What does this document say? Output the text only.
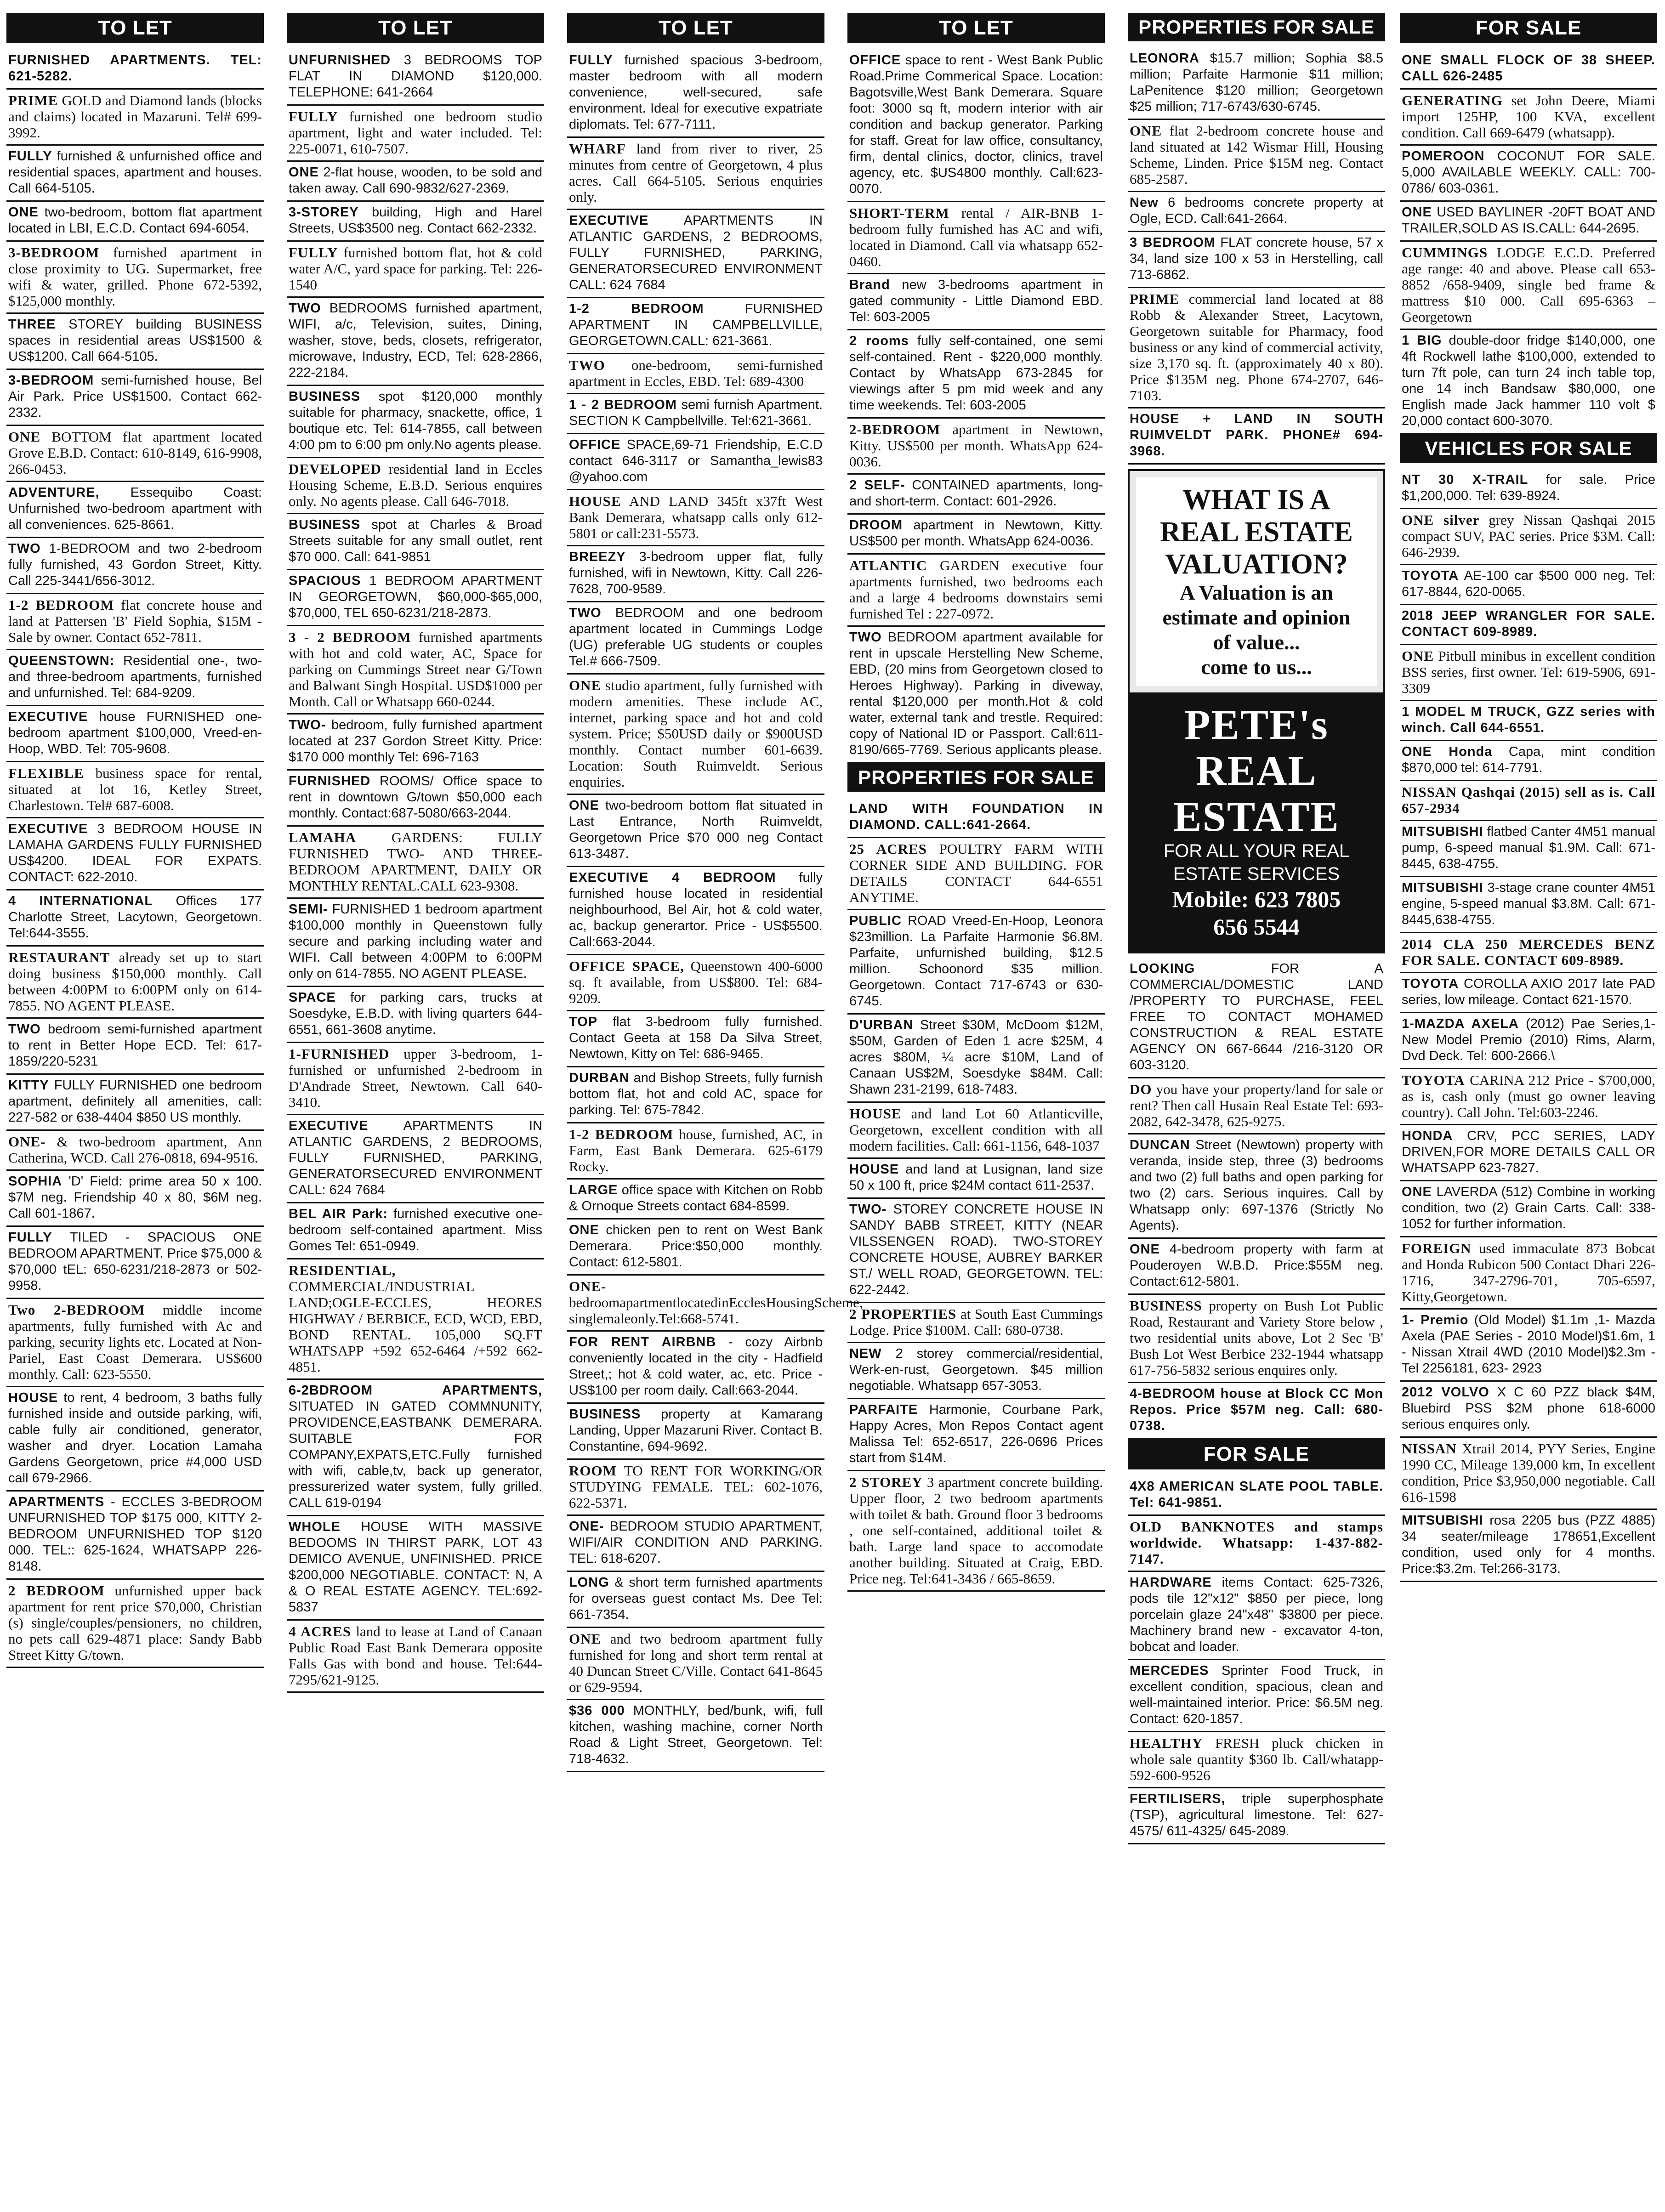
TO LET
FURNISHED APARTMENTS. TEL: 621-5282.
PRIME GOLD and Diamond lands (blocks and claims) located in Mazaruni. Tel# 699-3992.
FULLY furnished & unfurnished office and residential spaces, apartment and houses. Call 664-5105.
ONE two-bedroom, bottom flat apartment located in LBI, E.C.D. Contact 694-6054.
3-BEDROOM furnished apartment in close proximity to UG. Supermarket, free wifi & water, grilled. Phone 672-5392, $125,000 monthly.
THREE STOREY building BUSINESS spaces in residential areas US$1500 & US$1200. Call 664-5105.
3-BEDROOM semi-furnished house, Bel Air Park. Price US$1500. Contact 662-2332.
ONE BOTTOM flat apartment located Grove E.B.D. Contact: 610-8149, 616-9908, 266-0453.
ADVENTURE, Essequibo Coast: Unfurnished two-bedroom apartment with all conveniences. 625-8661.
TWO 1-BEDROOM and two 2-bedroom fully furnished, 43 Gordon Street, Kitty. Call 225-3441/656-3012.
1-2 BEDROOM flat concrete house and land at Pattersen 'B' Field Sophia, $15M - Sale by owner. Contact 652-7811.
QUEENSTOWN: Residential one-, two- and three-bedroom apartments, furnished and unfurnished. Tel: 684-9209.
EXECUTIVE house FURNISHED one-bedroom apartment $100,000, Vreed-en-Hoop, WBD. Tel: 705-9608.
FLEXIBLE business space for rental, situated at lot 16, Ketley Street, Charlestown. Tel# 687-6008.
EXECUTIVE 3 BEDROOM HOUSE IN LAMAHA GARDENS FULLY FURNISHED US$4200. IDEAL FOR EXPATS. CONTACT: 622-2010.
4 INTERNATIONAL Offices 177 Charlotte Street, Lacytown, Georgetown. Tel:644-3555.
RESTAURANT already set up to start doing business $150,000 monthly. Call between 4:00PM to 6:00PM only on 614-7855. NO AGENT PLEASE.
TWO bedroom semi-furnished apartment to rent in Better Hope ECD. Tel: 617-1859/220-5231
KITTY FULLY FURNISHED one bedroom apartment, definitely all amenities, call: 227-582 or 638-4404 $850 US monthly.
ONE- & two-bedroom apartment, Ann Catherina, WCD. Call 276-0818, 694-9516.
SOPHIA 'D' Field: prime area 50 x 100. $7M neg. Friendship 40 x 80, $6M neg. Call 601-1867.
FULLY TILED - SPACIOUS ONE BEDROOM APARTMENT. Price $75,000 & $70,000 tEL: 650-6231/218-2873 or 502-9958.
Two 2-BEDROOM middle income apartments, fully furnished with Ac and parking, security lights etc. Located at Non-Pariel, East Coast Demerara. US$600 monthly. Call: 623-5550.
HOUSE to rent, 4 bedroom, 3 baths fully furnished inside and outside parking, wifi, cable fully air conditioned, generator, washer and dryer. Location Lamaha Gardens Georgetown, price #4,000 USD call 679-2966.
APARTMENTS - ECCLES 3-BEDROOM UNFURNISHED TOP $175 000, KITTY 2-BEDROOM UNFURNISHED TOP $120 000. TEL:: 625-1624, WHATSAPP 226-8148.
2 BEDROOM unfurnished upper back apartment for rent price $70,000, Christian (s) single/couples/pensioners, no children, no pets call 629-4871 place: Sandy Babb Street Kitty G/town.
TO LET
UNFURNISHED 3 BEDROOMS TOP FLAT IN DIAMOND $120,000. TELEPHONE: 641-2664
FULLY furnished one bedroom studio apartment, light and water included. Tel: 225-0071, 610-7507.
ONE 2-flat house, wooden, to be sold and taken away. Call 690-9832/627-2369.
3-STOREY building, High and Harel Streets, US$3500 neg. Contact 662-2332.
FULLY furnished bottom flat, hot & cold water A/C, yard space for parking. Tel: 226-1540
TWO BEDROOMS furnished apartment, WIFI, a/c, Television, suites, Dining, washer, stove, beds, closets, refrigerator, microwave, Industry, ECD, Tel: 628-2866, 222-2184.
BUSINESS spot $120,000 monthly suitable for pharmacy, snackette, office, 1 boutique etc. Tel: 614-7855, call between 4:00 pm to 6:00 pm only.No agents please.
DEVELOPED residential land in Eccles Housing Scheme, E.B.D. Serious enquires only. No agents please. Call 646-7018.
BUSINESS spot at Charles & Broad Streets suitable for any small outlet, rent $70 000. Call: 641-9851
SPACIOUS 1 BEDROOM APARTMENT IN GEORGETOWN, $60,000-$65,000, $70,000, TEL 650-6231/218-2873.
3 - 2 BEDROOM furnished apartments with hot and cold water, AC, Space for parking on Cummings Street near G/Town and Balwant Singh Hospital. USD$1000 per Month. Call or Whatsapp 660-0244.
TWO- bedroom, fully furnished apartment located at 237 Gordon Street Kitty. Price: $170 000 monthly Tel: 696-7163
FURNISHED ROOMS/ Office space to rent in downtown G/town $50,000 each monthly. Contact:687-5080/663-2044.
LAMAHA GARDENS: FULLY FURNISHED TWO- AND THREE-BEDROOM APARTMENT, DAILY OR MONTHLY RENTAL.CALL 623-9308.
SEMI- FURNISHED 1 bedroom apartment $100,000 monthly in Queenstown fully secure and parking including water and WIFI. Call between 4:00PM to 6:00PM only on 614-7855. NO AGENT PLEASE.
SPACE for parking cars, trucks at Soesdyke, E.B.D. with living quarters 644-6551, 661-3608 anytime.
1-FURNISHED upper 3-bedroom, 1-furnished or unfurnished 2-bedroom in D'Andrade Street, Newtown. Call 640-3410.
EXECUTIVE	APARTMENTS IN ATLANTIC GARDENS, 2 BEDROOMS, FULLY FURNISHED, PARKING, GENERATORSECURED ENVIRONMENT CALL: 624 7684
BEL AIR Park: furnished executive one-bedroom self-contained apartment. Miss Gomes Tel: 651-0949.
RESIDENTIAL, COMMERCIAL/INDUSTRIAL LAND;OGLE-ECCLES, HEORES HIGHWAY / BERBICE, ECD, WCD, EBD, BOND RENTAL. 105,000 SQ.FT WHATSAPP +592 652-6464 /+592 662-4851.
6-2BDROOM APARTMENTS, SITUATED IN GATED COMMNUNITY, PROVIDENCE,EASTBANK DEMERARA. SUITABLE FOR COMPANY,EXPATS,ETC.Fully furnished with wifi, cable,tv, back up generator, pressurerized water system, fully grilled. CALL 619-0194
WHOLE HOUSE WITH MASSIVE BEDOOMS IN THIRST PARK, LOT 43 DEMICO AVENUE, UNFINISHED. PRICE $200,000 NEGOTIABLE. CONTACT: N, A & O REAL ESTATE AGENCY. TEL:692-5837
4 ACRES land to lease at Land of Canaan Public Road East Bank Demerara opposite Falls Gas with bond and house. Tel:644-7295/621-9125.
TO LET
FULLY furnished spacious 3-bedroom, master bedroom with all modern convenience, well-secured, safe environment. Ideal for executive expatriate diplomats. Tel: 677-7111.
WHARF land from river to river, 25 minutes from centre of Georgetown, 4 plus acres. Call 664-5105. Serious enquiries only.
EXECUTIVE	APARTMENTS IN ATLANTIC GARDENS, 2 BEDROOMS, FULLY FURNISHED, PARKING, GENERATORSECURED ENVIRONMENT CALL: 624 7684
1-2 BEDROOM	FURNISHED APARTMENT IN CAMPBELLVILLE, GEORGETOWN.CALL: 621-3661.
TWO one-bedroom, semi-furnished apartment in Eccles, EBD. Tel: 689-4300
1 - 2 BEDROOM semi furnish Apartment. SECTION K Campbellville. Tel:621-3661.
OFFICE SPACE,69-71 Friendship, E.C.D contact 646-3117 or Samantha_lewis83 @yahoo.com
HOUSE AND LAND 345ft x37ft West Bank Demerara, whatsapp calls only 612-5801 or call:231-5573.
BREEZY 3-bedroom upper flat, fully furnished, wifi in Newtown, Kitty. Call 226-7628, 700-9589.
TWO BEDROOM and one bedroom apartment located in Cummings Lodge (UG) preferable UG students or couples Tel.# 666-7509.
ONE studio apartment, fully furnished with modern amenities. These include AC, internet, parking space and hot and cold system. Price; $50USD daily or $900USD monthly. Contact number 601-6639. Location: South Ruimveldt. Serious enquiries.
ONE two-bedroom bottom flat situated in Last Entrance, North Ruimveldt, Georgetown Price $70 000 neg Contact 613-3487.
EXECUTIVE 4 BEDROOM fully furnished house located in residential neighbourhood, Bel Air, hot & cold water, ac, backup generartor. Price - US$5500. Call:663-2044.
OFFICE SPACE, Queenstown 400-6000 sq. ft available, from US$800. Tel: 684-9209.
TOP flat 3-bedroom fully furnished. Contact Geeta at 158 Da Silva Street, Newtown, Kitty on Tel: 686-9465.
DURBAN and Bishop Streets, fully furnish bottom flat, hot and cold AC, space for parking. Tel: 675-7842.
1-2 BEDROOM house, furnished, AC, in Farm, East Bank Demerara. 625-6179 Rocky.
LARGE office space with Kitchen on Robb & Ornoque Streets contact 684-8599.
ONE chicken pen to rent on West Bank Demerara. Price:$50,000 monthly. Contact: 612-5801.
ONE- bedroomapartmentlocatedinEcclesHousingScheme, singlemaleonly.Tel:668-5741.
FOR RENT AIRBNB - cozy Airbnb conveniently located in the city - Hadfield Street,; hot & cold water, ac, etc. Price - US$100 per room daily. Call:663-2044.
BUSINESS property at Kamarang Landing, Upper Mazaruni River. Contact B. Constantine, 694-9692.
ROOM TO RENT FOR WORKING/OR STUDYING FEMALE. TEL: 602-1076, 622-5371.
ONE- BEDROOM STUDIO APARTMENT, WIFI/AIR CONDITION AND PARKING. TEL: 618-6207.
LONG & short term furnished apartments for overseas guest contact Ms. Dee Tel: 661-7354.
ONE and two bedroom apartment fully furnished for long and short term rental at 40 Duncan Street C/Ville. Contact 641-8645 or 629-9594.
$36 000 MONTHLY, bed/bunk, wifi, full kitchen, washing machine, corner North Road & Light Street, Georgetown. Tel: 718-4632.
TO LET
OFFICE space to rent - West Bank Public Road.Prime Commerical Space. Location: Bagotsville,West Bank Demerara. Square foot: 3000 sq ft, modern interior with air condition and backup generator. Parking for staff. Great for law office, consultancy, firm, dental clinics, doctor, clinics, travel agency, etc. $US4800 monthly. Call:623-0070.
SHORT-TERM rental / AIR-BNB 1-bedroom fully furnished has AC and wifi, located in Diamond. Call via whatsapp 652-0460.
Brand new 3-bedrooms apartment in gated community - Little Diamond EBD. Tel: 603-2005
2 rooms fully self-contained, one semi self-contained. Rent - $220,000 monthly. Contact by WhatsApp 673-2845 for viewings after 5 pm mid week and any time weekends. Tel: 603-2005
2-BEDROOM apartment in Newtown, Kitty. US$500 per month. WhatsApp 624-0036.
2 SELF- CONTAINED apartments, long- and short-term. Contact: 601-2926.
DROOM apartment in Newtown, Kitty. US$500 per month. WhatsApp 624-0036.
ATLANTIC GARDEN executive four apartments furnished, two bedrooms each and a large 4 bedrooms downstairs semi furnished Tel : 227-0972.
TWO BEDROOM apartment available for rent in upscale Herstelling New Scheme, EBD, (20 mins from Georgetown closed to Heroes Highway). Parking in diveway, rental $120,000 per month.Hot & cold water, external tank and trestle. Required: copy of National ID or Passport. Call:611-8190/665-7769. Serious applicants please.
PROPERTIES FOR SALE
LAND WITH FOUNDATION IN DIAMOND. CALL:641-2664.
25 ACRES POULTRY FARM WITH CORNER SIDE AND BUILDING. FOR DETAILS CONTACT 644-6551 ANYTIME.
PUBLIC ROAD Vreed-En-Hoop, Leonora $23million. La Parfaite Harmonie $6.8M. Parfaite, unfurnished building, $12.5 million. Schoonord $35 million. Georgetown. Contact 717-6743 or 630-6745.
D'URBAN Street $30M, McDoom $12M, $50M, Garden of Eden 1 acre $25M, 4 acres $80M, ¼ acre $10M, Land of Canaan US$2M, Soesdyke $84M. Call: Shawn 231-2199, 618-7483.
HOUSE and land Lot 60 Atlanticville, Georgetown, excellent condition with all modern facilities. Call: 661-1156, 648-1037
HOUSE and land at Lusignan, land size 50 x 100 ft, price $24M contact 611-2537.
TWO- STOREY CONCRETE HOUSE IN SANDY BABB STREET, KITTY (NEAR VILSSENGEN ROAD). TWO-STOREY CONCRETE HOUSE, AUBREY BARKER ST./ WELL ROAD, GEORGETOWN. TEL: 622-2442.
2 PROPERTIES at South East Cummings Lodge. Price $100M. Call: 680-0738.
NEW 2 storey commercial/residential, Werk-en-rust, Georgetown. $45 million negotiable. Whatsapp 657-3053.
PARFAITE Harmonie, Courbane Park, Happy Acres, Mon Repos Contact agent Malissa Tel: 652-6517, 226-0696 Prices start from $14M.
2 STOREY 3 apartment concrete building. Upper floor, 2 two bedroom apartments with toilet & bath. Ground floor 3 bedrooms , one self-contained, additional toilet & bath. Large land space to accomodate another building. Situated at Craig, EBD. Price neg. Tel:641-3436 / 665-8659.
PROPERTIES FOR SALE
LEONORA $15.7 million; Sophia $8.5 million; Parfaite Harmonie $11 million; LaPenitence $120 million; Georgetown $25 million; 717-6743/630-6745.
ONE flat 2-bedroom concrete house and land situated at 142 Wismar Hill, Housing Scheme, Linden. Price $15M neg. Contact 685-2587.
New 6 bedrooms concrete property at Ogle, ECD. Call:641-2664.
3 BEDROOM FLAT concrete house, 57 x 34, land size 100 x 53 in Herstelling, call 713-6862.
PRIME commercial land located at 88 Robb & Alexander Street, Lacytown, Georgetown suitable for Pharmacy, food business or any kind of commercial activity, size 3,170 sq. ft. (approximately 40 x 80). Price $135M neg. Phone 674-2707, 646-7103.
HOUSE + LAND IN SOUTH RUIMVELDT PARK. PHONE# 694-3968.
WHAT IS A
REAL ESTATE
VALUATION?
A Valuation is an
estimate and opinion
of value...
come to us...
PETE's
REAL ESTATE
FOR ALL YOUR REAL
ESTATE SERVICES
Mobile: 623 7805
656 5544
LOOKING	FOR A COMMERCIAL/DOMESTIC LAND /PROPERTY TO PURCHASE, FEEL FREE TO CONTACT MOHAMED CONSTRUCTION & REAL ESTATE AGENCY ON 667-6644 /216-3120 OR 603-3120.
DO you have your property/land for sale or rent? Then call Husain Real Estate Tel: 693-2082, 642-3478, 625-9275.
DUNCAN Street (Newtown) property with veranda, inside step, three (3) bedrooms and two (2) full baths and open parking for two (2) cars. Serious inquires. Call by Whatsapp only: 697-1376 (Strictly No Agents).
ONE 4-bedroom property with farm at Pouderoyen W.B.D. Price:$55M neg. Contact:612-5801.
BUSINESS property on Bush Lot Public Road, Restaurant and Variety Store below , two residential units above, Lot 2 Sec 'B' Bush Lot West Berbice 232-1944 whatsapp 617-756-5832 serious enquires only.
4-BEDROOM house at Block CC Mon Repos. Price $57M neg. Call: 680-0738.
FOR SALE
4X8 AMERICAN SLATE POOL TABLE. Tel: 641-9851.
OLD BANKNOTES and stamps worldwide. Whatsapp: 1-437-882-7147.
HARDWARE items Contact: 625-7326, pods tile 12"x12" $850 per piece, long porcelain glaze 24"x48" $3800 per piece. Machinery brand new - excavator 4-ton, bobcat and loader.
MERCEDES Sprinter Food Truck, in excellent condition, spacious, clean and well-maintained interior. Price: $6.5M neg. Contact: 620-1857.
HEALTHY FRESH pluck chicken in whole sale quantity $360 lb. Call/whatapp- 592-600-9526
FERTILISERS, triple superphosphate (TSP), agricultural limestone. Tel: 627-4575/ 611-4325/ 645-2089.
FOR SALE
ONE SMALL FLOCK OF 38 SHEEP. CALL 626-2485
GENERATING set John Deere, Miami import 125HP, 100 KVA, excellent condition. Call 669-6479 (whatsapp).
POMEROON COCONUT FOR SALE. 5,000 AVAILABLE WEEKLY. CALL: 700-0786/ 603-0361.
ONE USED BAYLINER -20FT BOAT AND TRAILER,SOLD AS IS.CALL: 644-2695.
CUMMINGS LODGE E.C.D. Preferred age range: 40 and above. Please call 653-8852 /658-9409, single bed frame & mattress $10 000. Call 695-6363 – Georgetown
1 BIG double-door fridge $140,000, one 4ft Rockwell lathe $100,000, extended to turn 7ft pole, can turn 24 inch table top, one 14 inch Bandsaw $80,000, one English made Jack hammer 110 volt $ 20,000 contact 600-3070.
VEHICLES FOR SALE
NT 30 X-TRAIL for sale. Price $1,200,000. Tel: 639-8924.
ONE silver grey Nissan Qashqai 2015 compact SUV, PAC series. Price $3M. Call: 646-2939.
TOYOTA AE-100 car $500 000 neg. Tel: 617-8844, 620-0065.
2018 JEEP WRANGLER FOR SALE. CONTACT 609-8989.
ONE Pitbull minibus in excellent condition BSS series, first owner. Tel: 619-5906, 691-3309
1 MODEL M TRUCK, GZZ series with winch. Call 644-6551.
ONE Honda Capa, mint condition $870,000 tel: 614-7791.
NISSAN Qashqai (2015) sell as is. Call 657-2934
MITSUBISHI flatbed Canter 4M51 manual pump, 6-speed manual $1.9M. Call: 671-8445, 638-4755.
MITSUBISHI 3-stage crane counter 4M51 engine, 5-speed manual $3.8M. Call: 671-8445,638-4755.
2014 CLA 250 MERCEDES BENZ FOR SALE. CONTACT 609-8989.
TOYOTA COROLLA AXIO 2017 late PAD series, low mileage. Contact 621-1570.
1-MAZDA AXELA (2012) Pae Series,1- New Model Premio (2010) Rims, Alarm, Dvd Deck. Tel: 600-2666.\
TOYOTA CARINA 212 Price - $700,000, as is, cash only (must go owner leaving country). Call John. Tel:603-2246.
HONDA CRV, PCC SERIES, LADY DRIVEN,FOR MORE DETAILS CALL OR WHATSAPP 623-7827.
ONE LAVERDA (512) Combine in working condition, two (2) Grain Carts. Call: 338-1052 for further information.
FOREIGN used immaculate 873 Bobcat and Honda Rubicon 500 Contact Dhari 226-1716, 347-2796-701, 705-6597, Kitty,Georgetown.
1- Premio (Old Model) $1.1m ,1- Mazda Axela (PAE Series - 2010 Model)$1.6m, 1 - Nissan Xtrail 4WD (2010 Model)$2.3m - Tel 2256181, 623- 2923
2012 VOLVO X C 60 PZZ black $4M, Bluebird PSS $2M phone 618-6000 serious enquires only.
NISSAN Xtrail 2014, PYY Series, Engine 1990 CC, Mileage 139,000 km, In excellent condition, Price $3,950,000 negotiable. Call 616-1598
MITSUBISHI rosa 2205 bus (PZZ 4885) 34 seater/mileage 178651,Excellent condition, used only for 4 months. Price:$3.2m. Tel:266-3173.
